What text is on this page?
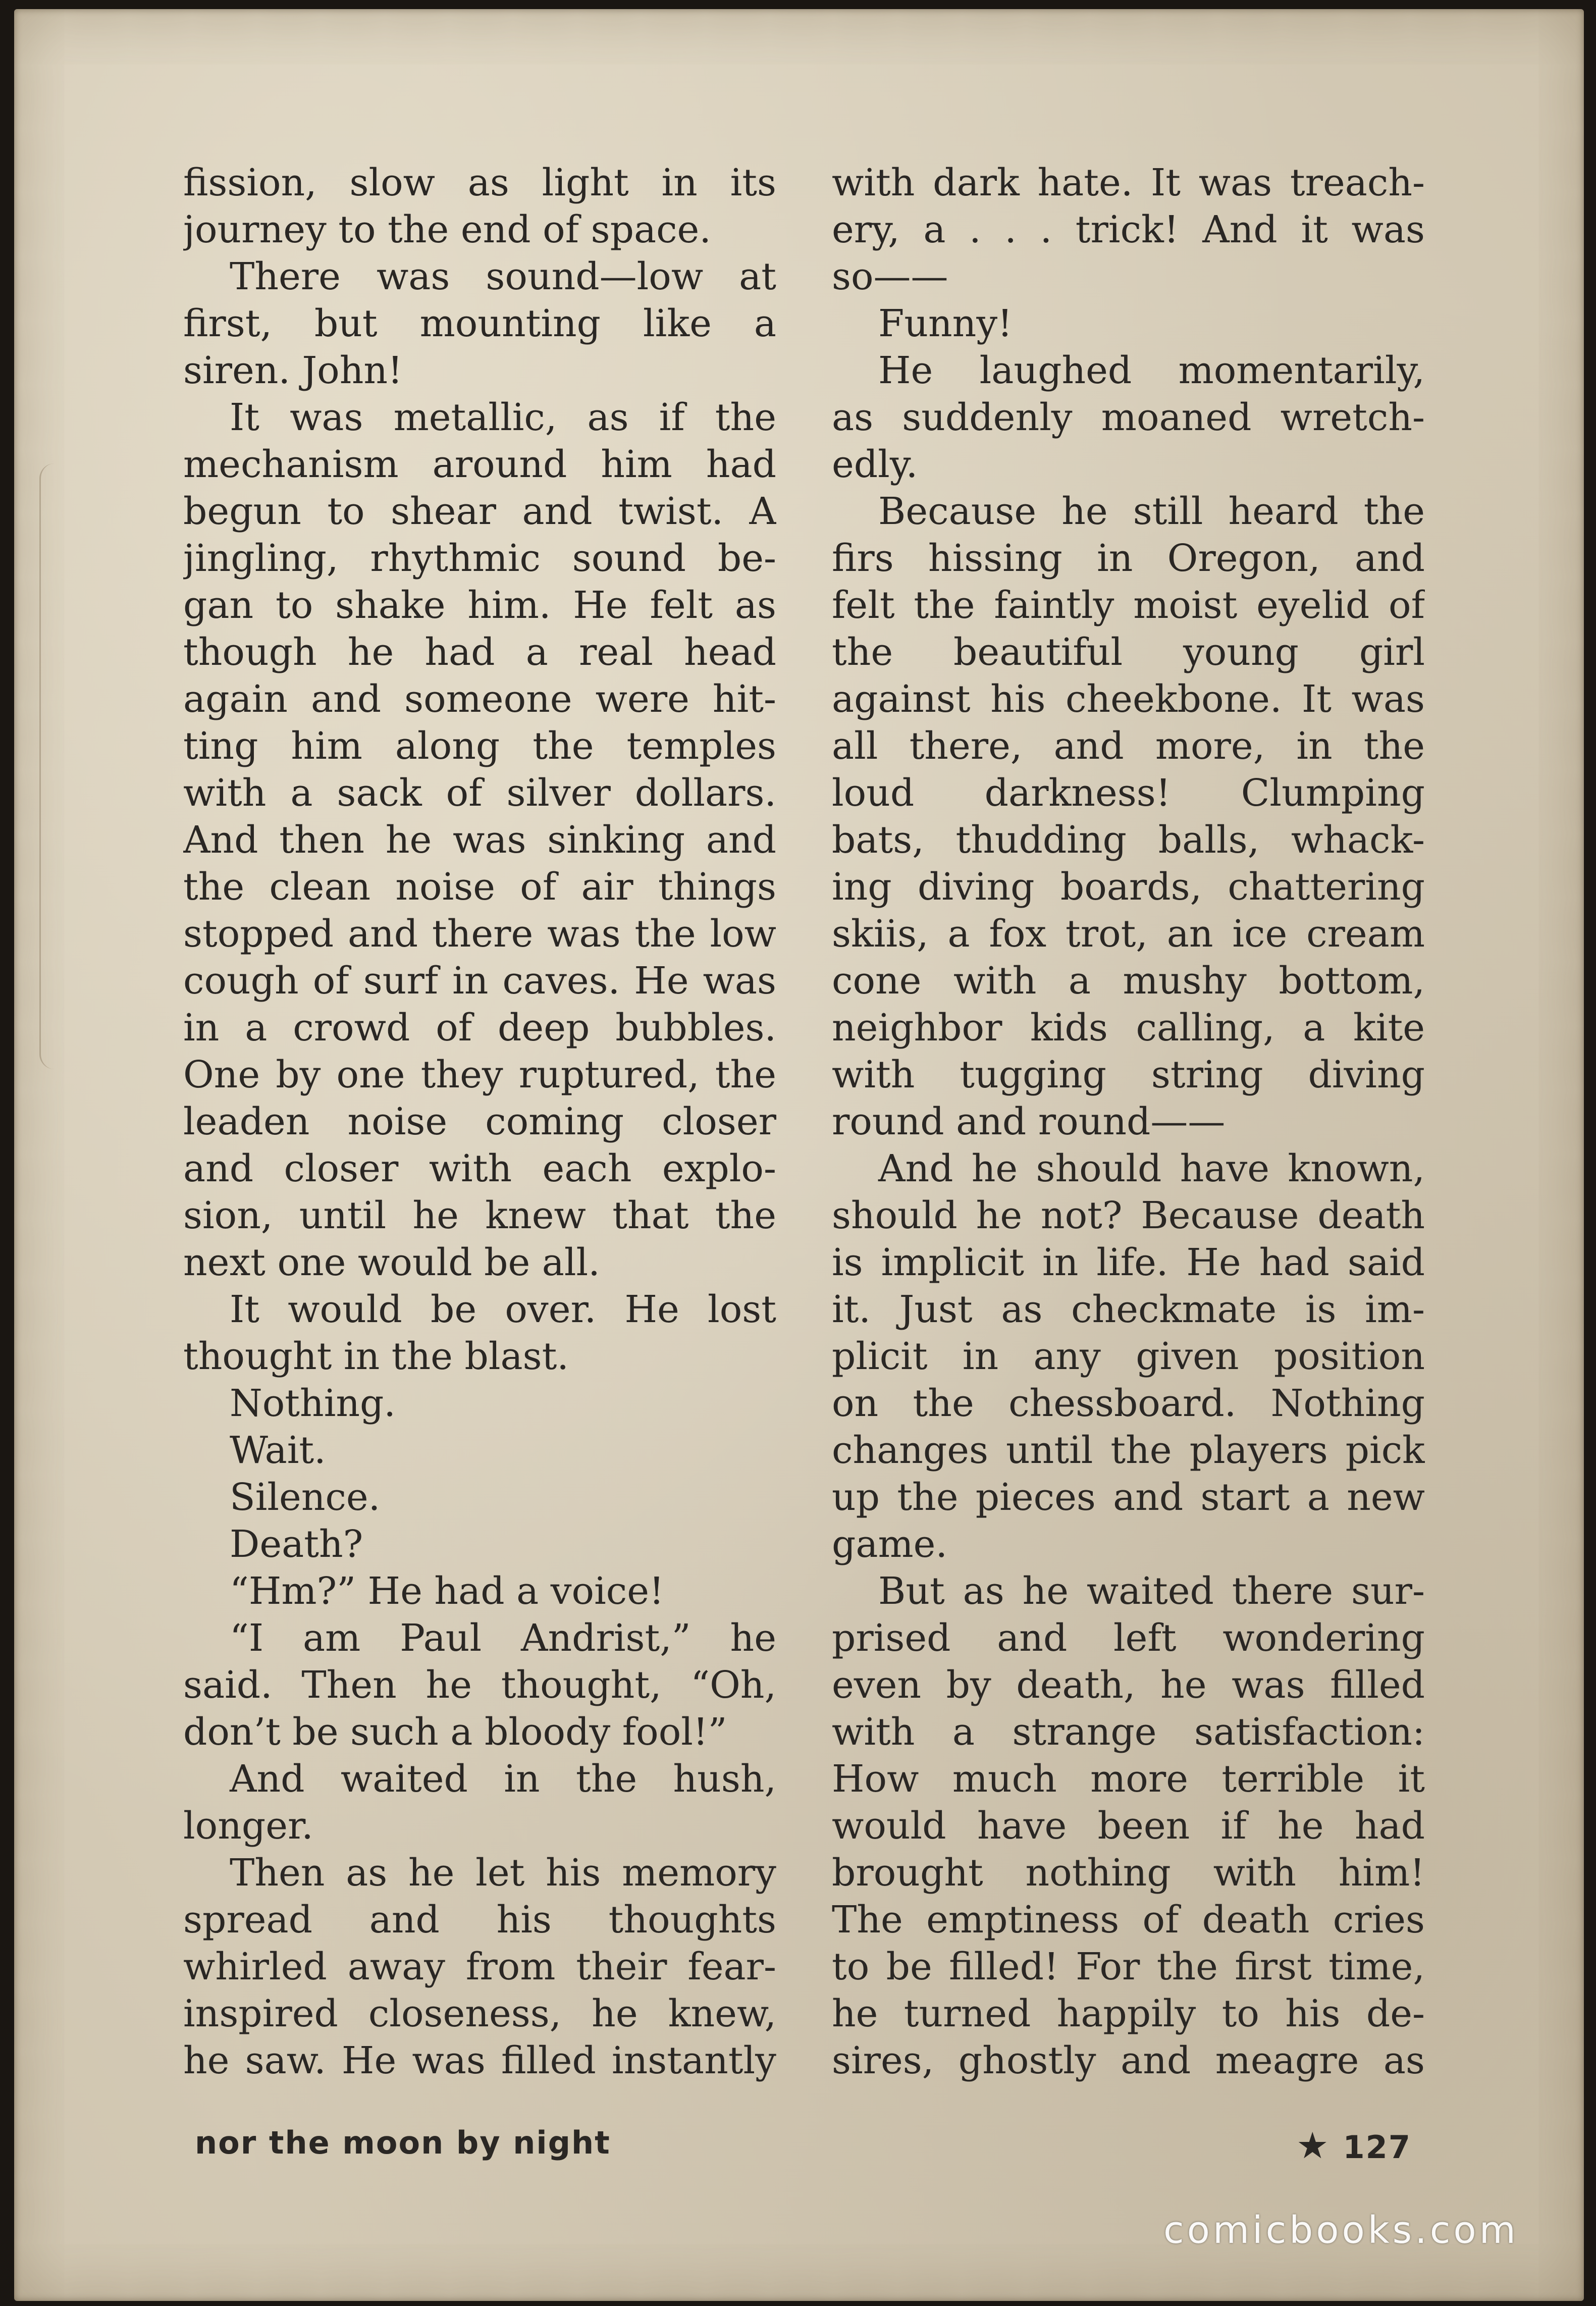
fission, slow as light in its
journey to the end of space.
There was sound—low at
first, but mounting like a
siren. John!
It was metallic, as if the
mechanism around him had
begun to shear and twist. A
jingling, rhythmic sound be-
gan to shake him. He felt as
though he had a real head
again and someone were hit-
ting him along the temples
with a sack of silver dollars.
And then he was sinking and
the clean noise of air things
stopped and there was the low
cough of surf in caves. He was
in a crowd of deep bubbles.
One by one they ruptured, the
leaden noise coming closer
and closer with each explo-
sion, until he knew that the
next one would be all.
It would be over. He lost
thought in the blast.
Nothing.
Wait.
Silence.
Death?
“Hm?” He had a voice!
“I am Paul Andrist,” he
said. Then he thought, “Oh,
don’t be such a bloody fool!”
And waited in the hush,
longer.
Then as he let his memory
spread and his thoughts
whirled away from their fear-
inspired closeness, he knew,
he saw. He was filled instantly
with dark hate. It was treach-
ery, a . . . trick! And it was
so——
Funny!
He laughed momentarily,
as suddenly moaned wretch-
edly.
Because he still heard the
firs hissing in Oregon, and
felt the faintly moist eyelid of
the beautiful young girl
against his cheekbone. It was
all there, and more, in the
loud darkness! Clumping
bats, thudding balls, whack-
ing diving boards, chattering
skiis, a fox trot, an ice cream
cone with a mushy bottom,
neighbor kids calling, a kite
with tugging string diving
round and round——
And he should have known,
should he not? Because death
is implicit in life. He had said
it. Just as checkmate is im-
plicit in any given position
on the chessboard. Nothing
changes until the players pick
up the pieces and start a new
game.
But as he waited there sur-
prised and left wondering
even by death, he was filled
with a strange satisfaction:
How much more terrible it
would have been if he had
brought nothing with him!
The emptiness of death cries
to be filled! For the first time,
he turned happily to his de-
sires, ghostly and meagre as
nor the moon by night	★ 127
comicbooks.com
